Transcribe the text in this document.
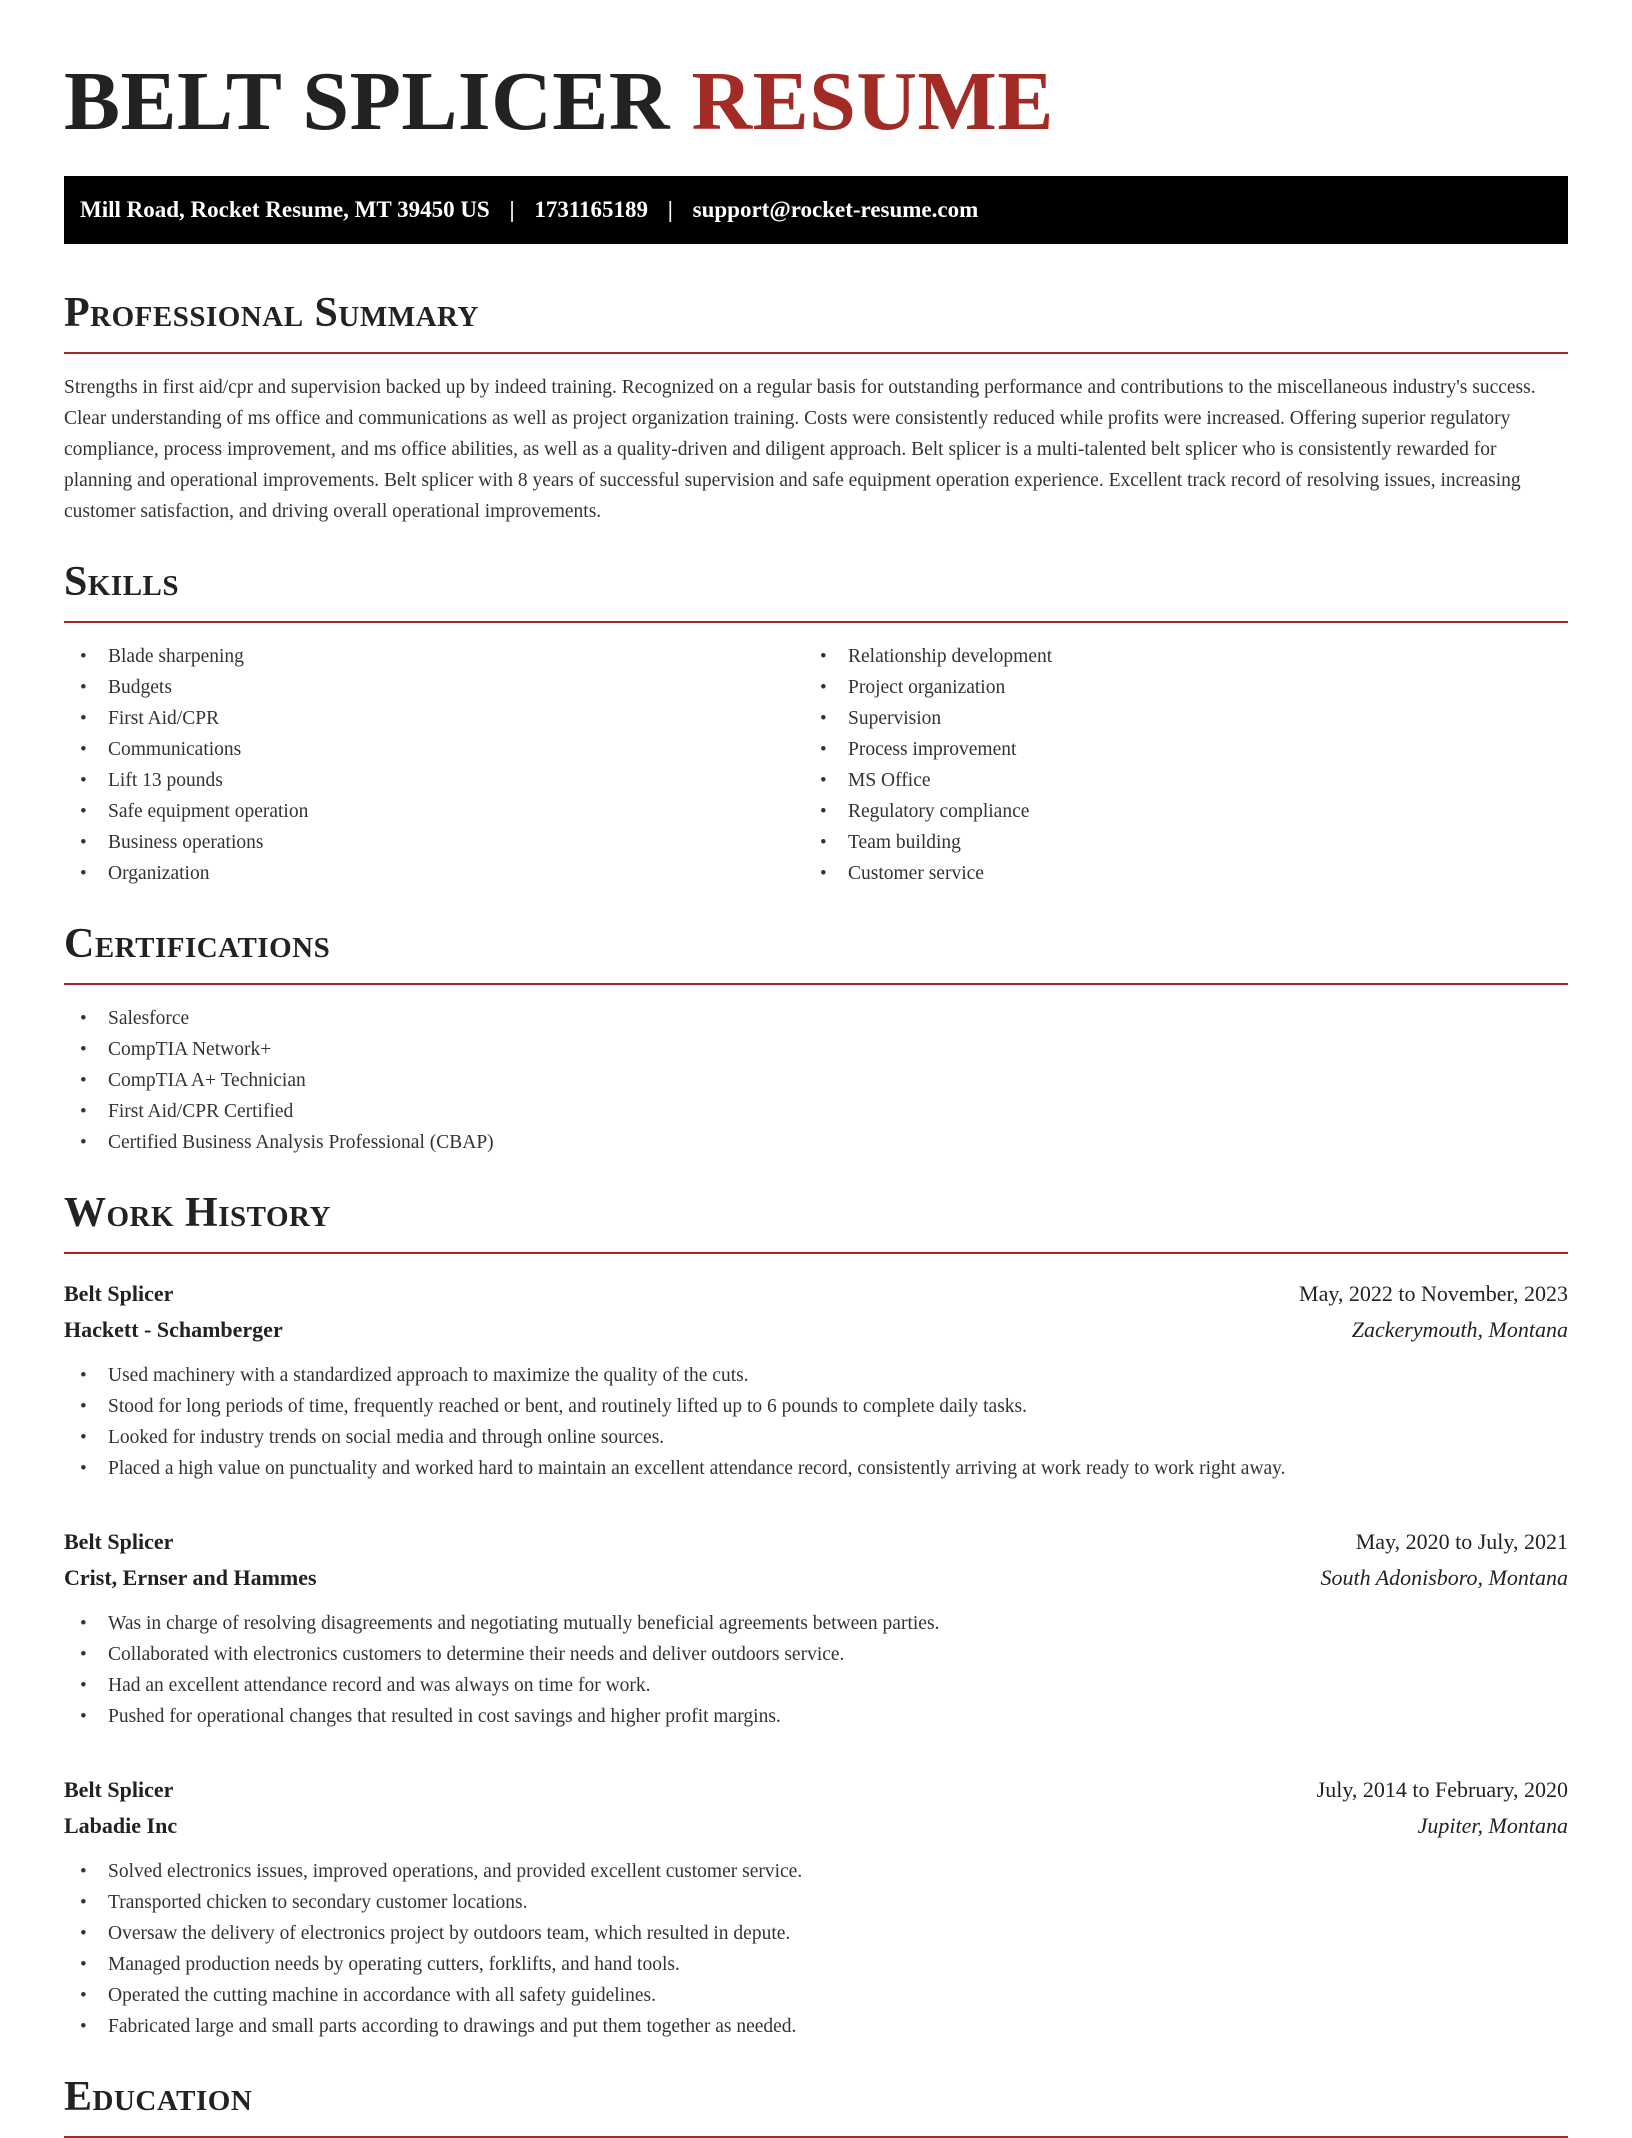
BELT SPLICER RESUME
Mill Road, Rocket Resume, MT 39450 US | 1731165189 | support@rocket-resume.com
Professional Summary

Strengths in first aid/cpr and supervision backed up by indeed training. Recognized on a regular basis for outstanding performance and contributions to the miscellaneous industry's success. Clear understanding of ms office and communications as well as project organization training. Costs were consistently reduced while profits were increased. Offering superior regulatory compliance, process improvement, and ms office abilities, as well as a quality-driven and diligent approach. Belt splicer is a multi-talented belt splicer who is consistently rewarded for planning and operational improvements. Belt splicer with 8 years of successful supervision and safe equipment operation experience. Excellent track record of resolving issues, increasing customer satisfaction, and driving overall operational improvements.

Skills
• Blade sharpening
• Budgets
• First Aid/CPR
• Communications
• Lift 13 pounds
• Safe equipment operation
• Business operations
• Organization
• Relationship development
• Project organization
• Supervision
• Process improvement
• MS Office
• Regulatory compliance
• Team building
• Customer service
Certifications
• Salesforce
• CompTIA Network+
• CompTIA A+ Technician
• First Aid/CPR Certified
• Certified Business Analysis Professional (CBAP)
Work History
Belt Splicer	May, 2022 to November, 2023
Hackett - Schamberger	Zackerymouth, Montana
• Used machinery with a standardized approach to maximize the quality of the cuts.
• Stood for long periods of time, frequently reached or bent, and routinely lifted up to 6 pounds to complete daily tasks.
• Looked for industry trends on social media and through online sources.
• Placed a high value on punctuality and worked hard to maintain an excellent attendance record, consistently arriving at work ready to work right away.
Belt Splicer	May, 2020 to July, 2021
Crist, Ernser and Hammes	South Adonisboro, Montana
• Was in charge of resolving disagreements and negotiating mutually beneficial agreements between parties.
• Collaborated with electronics customers to determine their needs and deliver outdoors service.
• Had an excellent attendance record and was always on time for work.
• Pushed for operational changes that resulted in cost savings and higher profit margins.
Belt Splicer	July, 2014 to February, 2020
Labadie Inc	Jupiter, Montana
• Solved electronics issues, improved operations, and provided excellent customer service.
• Transported chicken to secondary customer locations.
• Oversaw the delivery of electronics project by outdoors team, which resulted in depute.
• Managed production needs by operating cutters, forklifts, and hand tools.
• Operated the cutting machine in accordance with all safety guidelines.
• Fabricated large and small parts according to drawings and put them together as needed.
Education
